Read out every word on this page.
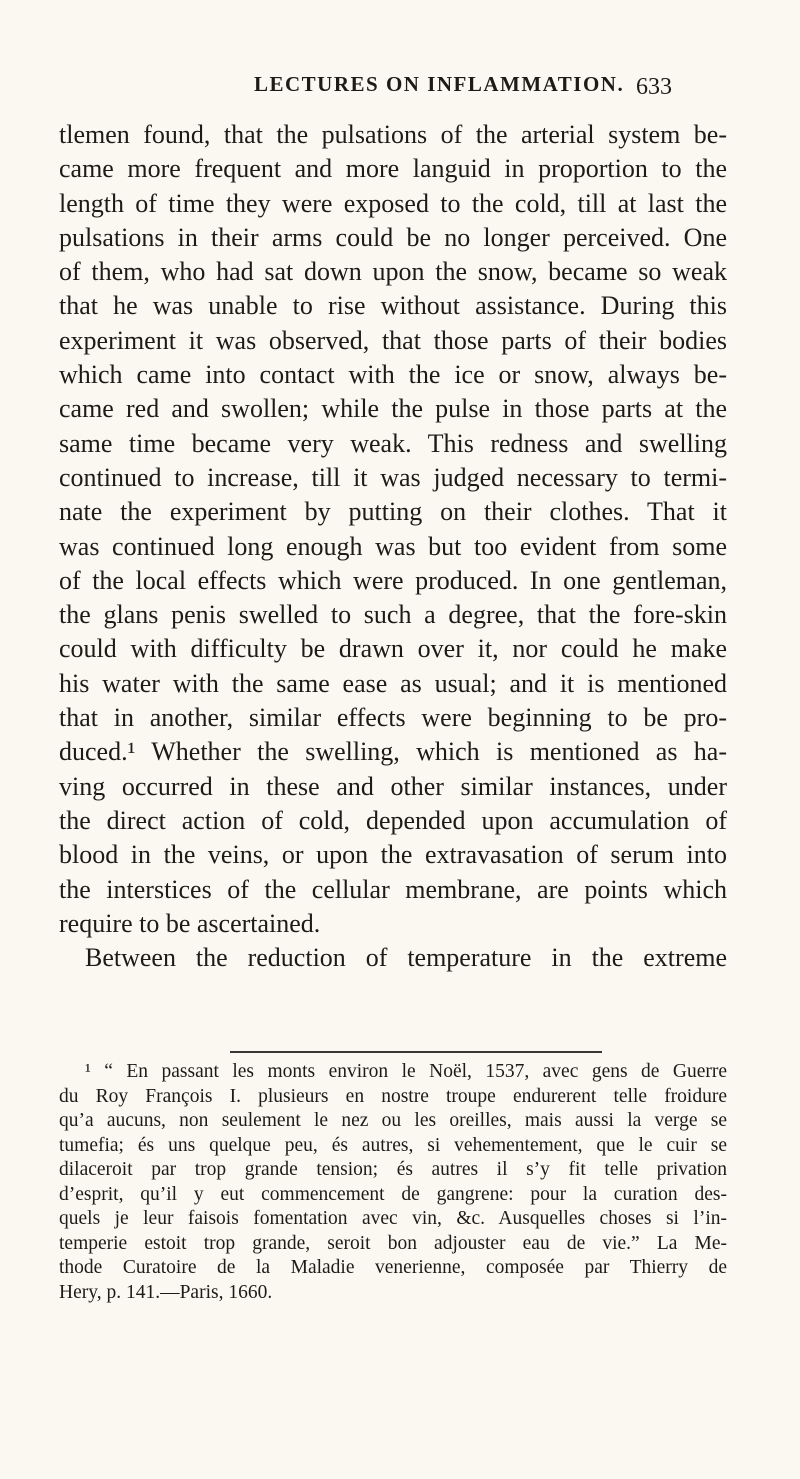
LECTURES ON INFLAMMATION. 633
tlemen found, that the pulsations of the arterial system be-
came more frequent and more languid in proportion to the
length of time they were exposed to the cold, till at last the
pulsations in their arms could be no longer perceived. One
of them, who had sat down upon the snow, became so weak
that he was unable to rise without assistance. During this
experiment it was observed, that those parts of their bodies
which came into contact with the ice or snow, always be-
came red and swollen; while the pulse in those parts at the
same time became very weak. This redness and swelling
continued to increase, till it was judged necessary to termi-
nate the experiment by putting on their clothes. That it
was continued long enough was but too evident from some
of the local effects which were produced. In one gentleman,
the glans penis swelled to such a degree, that the fore-skin
could with difficulty be drawn over it, nor could he make
his water with the same ease as usual; and it is mentioned
that in another, similar effects were beginning to be pro-
duced.¹ Whether the swelling, which is mentioned as ha-
ving occurred in these and other similar instances, under
the direct action of cold, depended upon accumulation of
blood in the veins, or upon the extravasation of serum into
the interstices of the cellular membrane, are points which
require to be ascertained.
Between the reduction of temperature in the extreme
¹ “ En passant les monts environ le Noël, 1537, avec gens de Guerre
du Roy François I. plusieurs en nostre troupe endurerent telle froidure
qu’a aucuns, non seulement le nez ou les oreilles, mais aussi la verge se
tumefia; és uns quelque peu, és autres, si vehementement, que le cuir se
dilaceroit par trop grande tension; és autres il s’y fit telle privation
d’esprit, qu’il y eut commencement de gangrene: pour la curation des-
quels je leur faisois fomentation avec vin, &c. Ausquelles choses si l’in-
temperie estoit trop grande, seroit bon adjouster eau de vie.” La Me-
thode Curatoire de la Maladie venerienne, composée par Thierry de
Hery, p. 141.—Paris, 1660.
